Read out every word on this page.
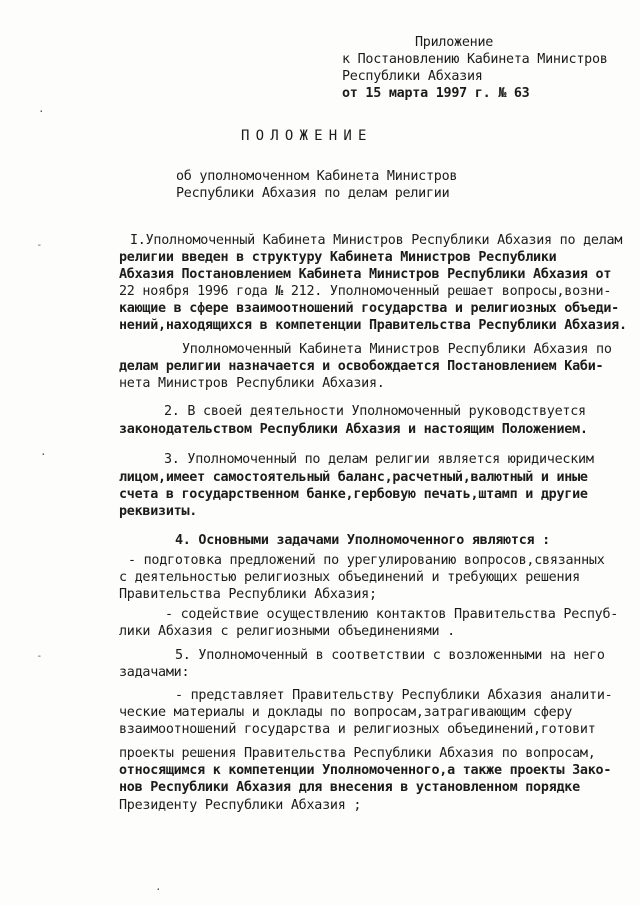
Приложение
к Постановлению Кабинета Министров
Республики Абхазия
от 15 марта 1997 г. № 63
ПОЛОЖЕНИЕ
об уполномоченном Кабинета Министров
Республики Абхазия по делам религии
I.Уполномоченный Кабинета Министров Республики Абхазия по делам
религии введен в структуру Кабинета Министров Республики
Абхазия Постановлением Кабинета Министров Республики Абхазия от
22 ноября 1996 года № 212. Уполномоченный решает вопросы,возни-
кающие в сфере взаимоотношений государства и религиозных объеди-
нений,находящихся в компетенции Правительства Республики Абхазия.
Уполномоченный Кабинета Министров Республики Абхазия по
делам религии назначается и освобождается Постановлением Каби-
нета Министров Республики Абхазия.
2. В своей деятельности Уполномоченный руководствуется
законодательством Республики Абхазия и настоящим Положением.
3. Уполномоченный по делам религии является юридическим
лицом,имеет самостоятельный баланс,расчетный,валютный и иные
счета в государственном банке,гербовую печать,штамп и другие
реквизиты.
4. Основными задачами Уполномоченного являются :
- подготовка предложений по урегулированию вопросов,связанных
с деятельностью религиозных объединений и требующих решения
Правительства Республики Абхазия;
- содействие осуществлению контактов Правительства Респуб-
лики Абхазия с религиозными объединениями .
5. Уполномоченный в соответствии с возложенными на него
задачами:
- представляет Правительству Республики Абхазия аналити-
ческие материалы и доклады по вопросам,затрагивающим сферу
взаимоотношений государства и религиозных объединений,готовит
проекты решения Правительства Республики Абхазия по вопросам,
относящимся к компетенции Уполномоченного,а также проекты Зако-
нов Республики Абхазия для внесения в установленном порядке
Президенту Республики Абхазия ;
·
˗
·
˗
·
